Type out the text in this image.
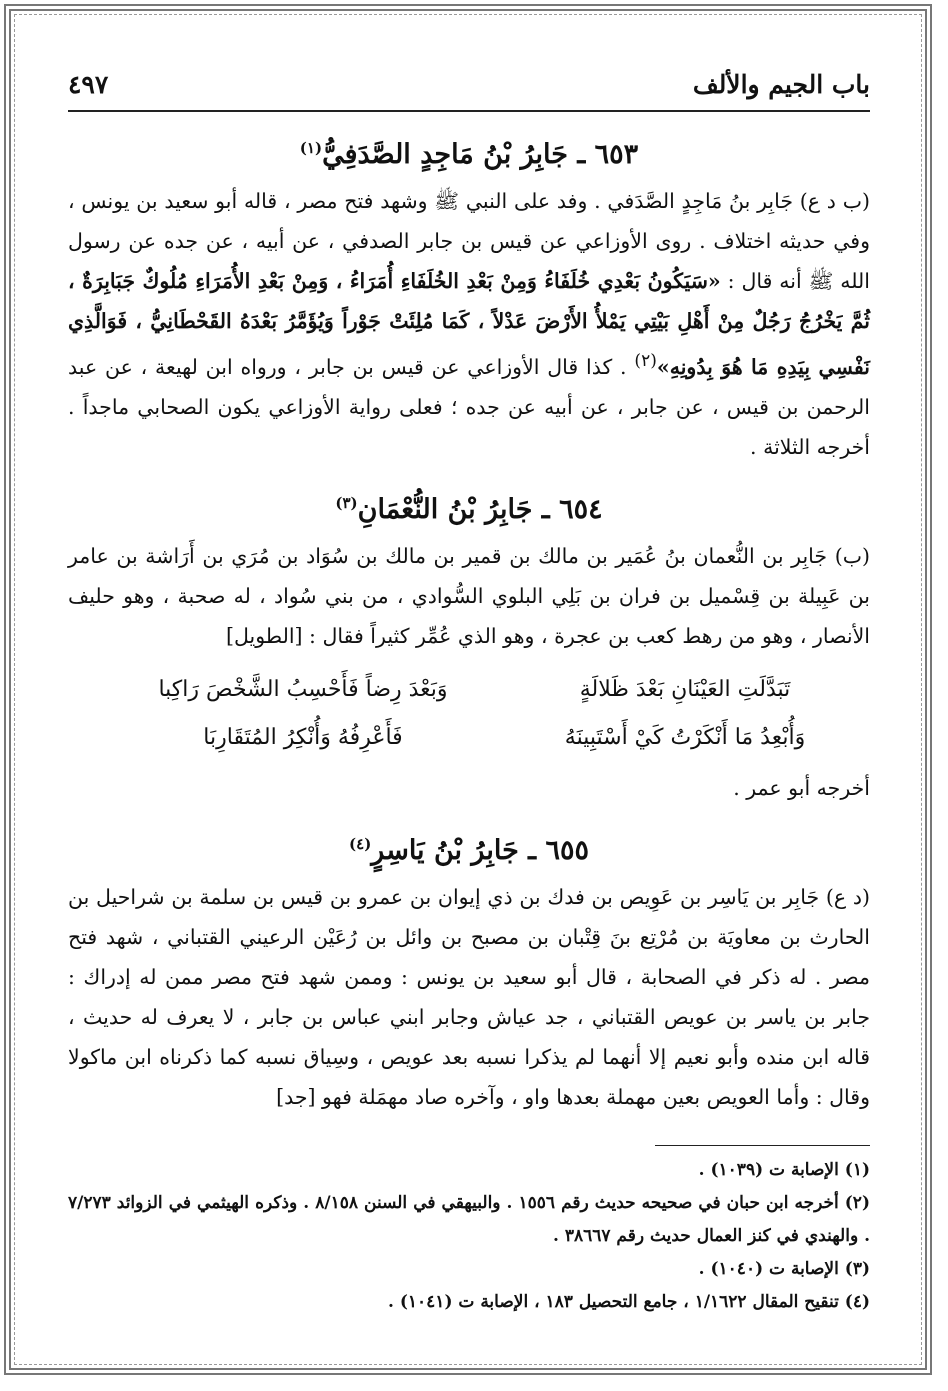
باب الجيم والألف
٤٩٧
٦٥٣ ـ جَابِرُ بْنُ مَاجِدٍ الصَّدَفِيُّ$^{(١)}$

(ب د ع) جَابِر بنُ مَاجِدٍ الصَّدَفي . وفد على النبي ﷺ وشهد فتح مصر ، قاله أبو سعيد بن يونس ، وفي حديثه اختلاف . روى الأوزاعي عن قيس بن جابر الصدفي ، عن أبيه ، عن جده عن رسول الله ﷺ أنه قال : «سَيَكُونُ بَعْدِي خُلَفَاءُ وَمِنْ بَعْدِ الخُلَفَاءِ أُمَرَاءُ ، وَمِنْ بَعْدِ الأُمَرَاءِ مُلُوكٌ جَبَابِرَةٌ ، ثُمَّ يَخْرُجُ رَجُلٌ مِنْ أَهْلِ بَيْتِي يَمْلأُ الأَرْضَ عَدْلاً ، كَمَا مُلِئَتْ جَوْراً وَيُؤَمَّرُ بَعْدَهُ القَحْطَانِيُّ ، فَوَالَّذِي نَفْسِي بِيَدِهِ مَا هُوَ بِدُونِهِ»$^{(٢)}$ . كذا قال الأوزاعي عن قيس بن جابر ، ورواه ابن لهيعة ، عن عبد الرحمن بن قيس ، عن جابر ، عن أبيه عن جده ؛ فعلى رواية الأوزاعي يكون الصحابي ماجداً . أخرجه الثلاثة .

٦٥٤ ـ جَابِرُ بْنُ النُّعْمَانِ$^{(٣)}$

(ب) جَابِر بن النُّعمان بنُ عُمَير بن مالك بن قمير بن مالك بن سُوَاد بن مُرَي بن أَرَاشة بن عامر بن عَبِيلة بن قِسْميل بن فران بن بَلِي البلوي السُّوادي ، من بني سُواد ، له صحبة ، وهو حليف الأنصار ، وهو من رهط كعب بن عجرة ، وهو الذي عُمِّر كثيراً فقال : [الطويل]

تَبَدَّلَتِ العَيْنَانِ بَعْدَ ظَلالَةٍ
وَبَعْدَ رِضاً فَأَحْسِبُ الشَّخْصَ رَاكِبا
وَأُبْعِدُ مَا أَنْكَرْتُ كَيْ أَسْتَبِينَهُ
فَأَعْرِفُهُ وَأُنْكِرُ المُتَقَارِبَا
أخرجه أبو عمر .
٦٥٥ ـ جَابِرُ بْنُ يَاسِرٍ$^{(٤)}$

(د ع) جَابِر بن يَاسِر بن عَوِيص بن فدك بن ذي إيوان بن عمرو بن قيس بن سلمة بن شراحيل بن الحارث بن معاويَة بن مُرْتِع بنَ قِتْبان بن مصبح بن وائل بن رُعَيْن الرعيني القتباني ، شهد فتح مصر . له ذكر في الصحابة ، قال أبو سعيد بن يونس : وممن شهد فتح مصر ممن له إدراك : جابر بن ياسر بن عويص القتباني ، جد عياش وجابر ابني عباس بن جابر ، لا يعرف له حديث ، قاله ابن منده وأبو نعيم إلا أنهما لم يذكرا نسبه بعد عويص ، وسِياق نسبه كما ذكرناه ابن ماكولا وقال : وأما العويص بعين مهملة بعدها واو ، وآخره صاد مهمَلة فهو [جد]

(١) الإصابة ت (١٠٣٩) .

(٢) أخرجه ابن حبان في صحيحه حديث رقم ١٥٥٦ . والبيهقي في السنن ٨/١٥٨ . وذكره الهيثمي في الزوائد ٧/٢٧٣ . والهندي في كنز العمال حديث رقم ٣٨٦٦٧ .

(٣) الإصابة ت (١٠٤٠) .

(٤) تنقيح المقال ١/١٦٢٢ ، جامع التحصيل ١٨٣ ، الإصابة ت (١٠٤١) .
